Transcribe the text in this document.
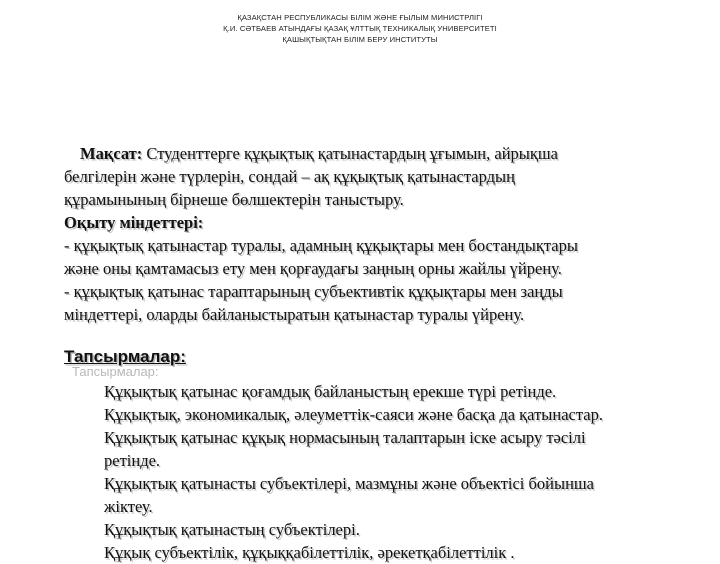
ҚАЗАҚСТАН РЕСПУБЛИКАСЫ БІЛІМ ЖӘНЕ ҒЫЛЫМ МИНИСТРЛІГІ
Қ.И. СӘТБАЕВ АТЫНДАҒЫ ҚАЗАҚ ҰЛТТЫҚ ТЕХНИКАЛЫҚ УНИВЕРСИТЕТІ
ҚАШЫҚТЫҚТАН БІЛІМ БЕРУ ИНСТИТУТЫ

Мақсат: Студенттерге құқықтық қатынастардың ұғымын, айрықша

белгілерін және түрлерін, сондай – ақ құқықтық қатынастардың

құрамынының бірнеше бөлшектерін таныстыру.

Оқыту міндеттері:

- құқықтық қатынастар туралы, адамның құқықтары мен бостандықтары

және оны қамтамасыз ету мен қорғаудағы заңның орны жайлы үйрену.

- құқықтық қатынас тараптарының субъективтік құқықтары мен заңды

міндеттері, оларды байланыстыратын қатынастар туралы үйрену.

Тапсырмалар:

Тапсырмалар:

Құқықтық қатынас қоғамдық байланыстың ерекше түрі ретінде.
Құқықтық, экономикалық, әлеуметтік-саяси және басқа да қатынастар.
Құқықтық қатынас құқық нормасының талаптарын іске асыру тәсілі
ретінде.
Құқықтық қатынасты субъектілері, мазмұны және объектісі бойынша
жіктеу.
Құқықтық қатынастың субъектілері.
Құқық субъектілік, құқыққабілеттілік, әрекетқабілеттілік .
